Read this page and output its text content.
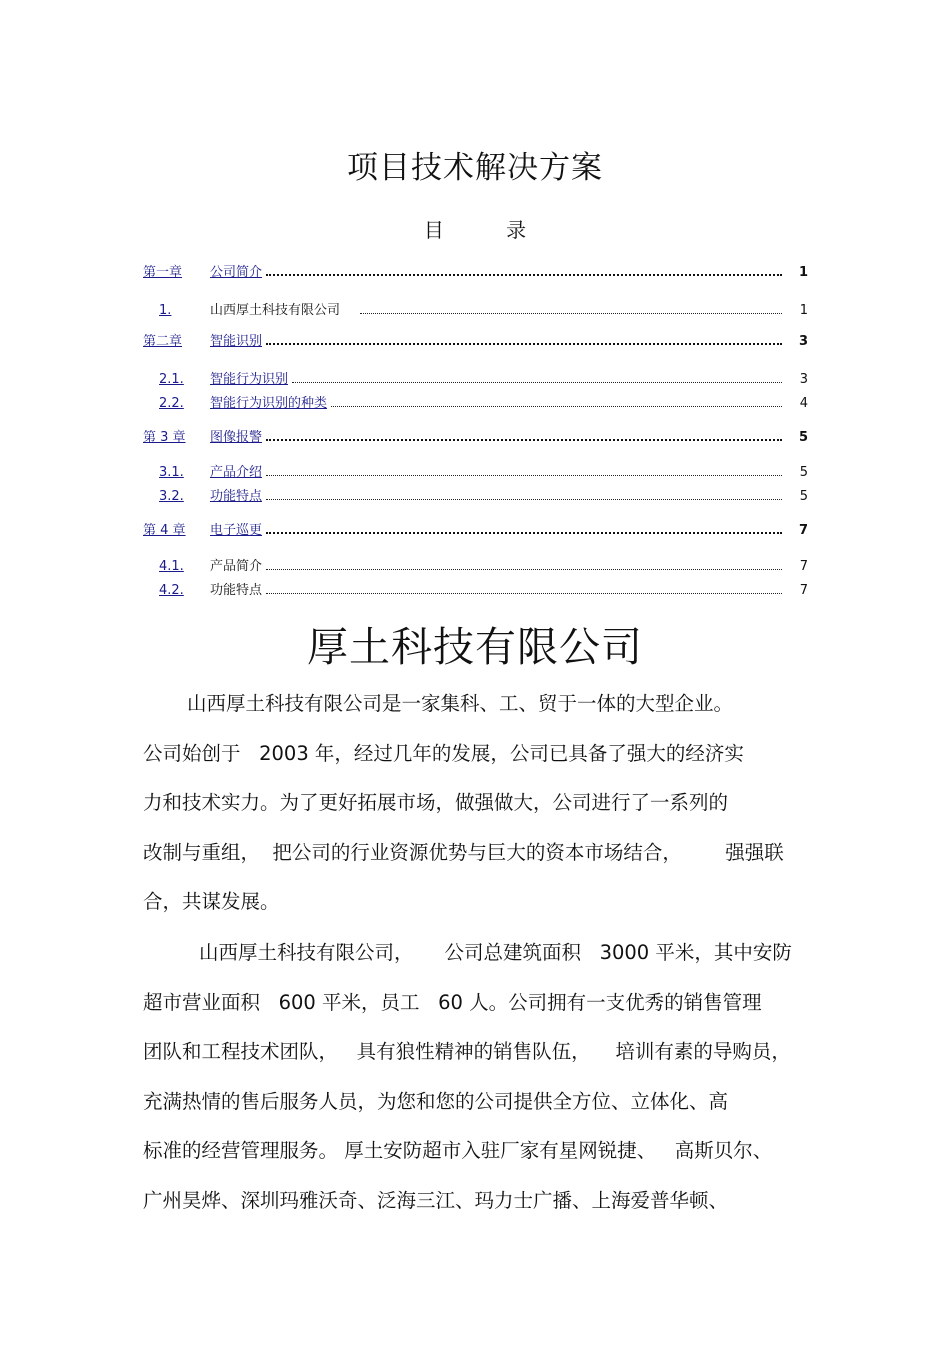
项目技术解决方案
目 录
第一章	公司简介	1
1.	山西厚土科技有限公司	1
第二章	智能识别	3
2.1.	智能行为识别	3
2.2.	智能行为识别的种类	4
第 3 章	图像报警	5
3.1.	产品介绍	5
3.2.	功能特点	5
第 4 章	电子巡更	7
4.1.	产品简介	7
4.2.	功能特点	7
厚土科技有限公司
山西厚土科技有限公司是一家集科、工、贸于一体的大型企业。
公司始创于   2003 年，经过几年的发展，公司已具备了强大的经济实
力和技术实力。为了更好拓展市场，做强做大，公司进行了一系列的
改制与重组，  把公司的行业资源优势与巨大的资本市场结合，       强强联
合，共谋发展。
山西厚土科技有限公司，     公司总建筑面积   3000 平米，其中安防
超市营业面积   600 平米，员工   60 人。公司拥有一支优秀的销售管理
团队和工程技术团队，   具有狼性精神的销售队伍，    培训有素的导购员，
充满热情的售后服务人员，为您和您的公司提供全方位、立体化、高
标准的经营管理服务。 厚土安防超市入驻厂家有星网锐捷、   高斯贝尔、
广州昊烨、深圳玛雅沃奇、泛海三江、玛力士广播、上海爱普华顿、
